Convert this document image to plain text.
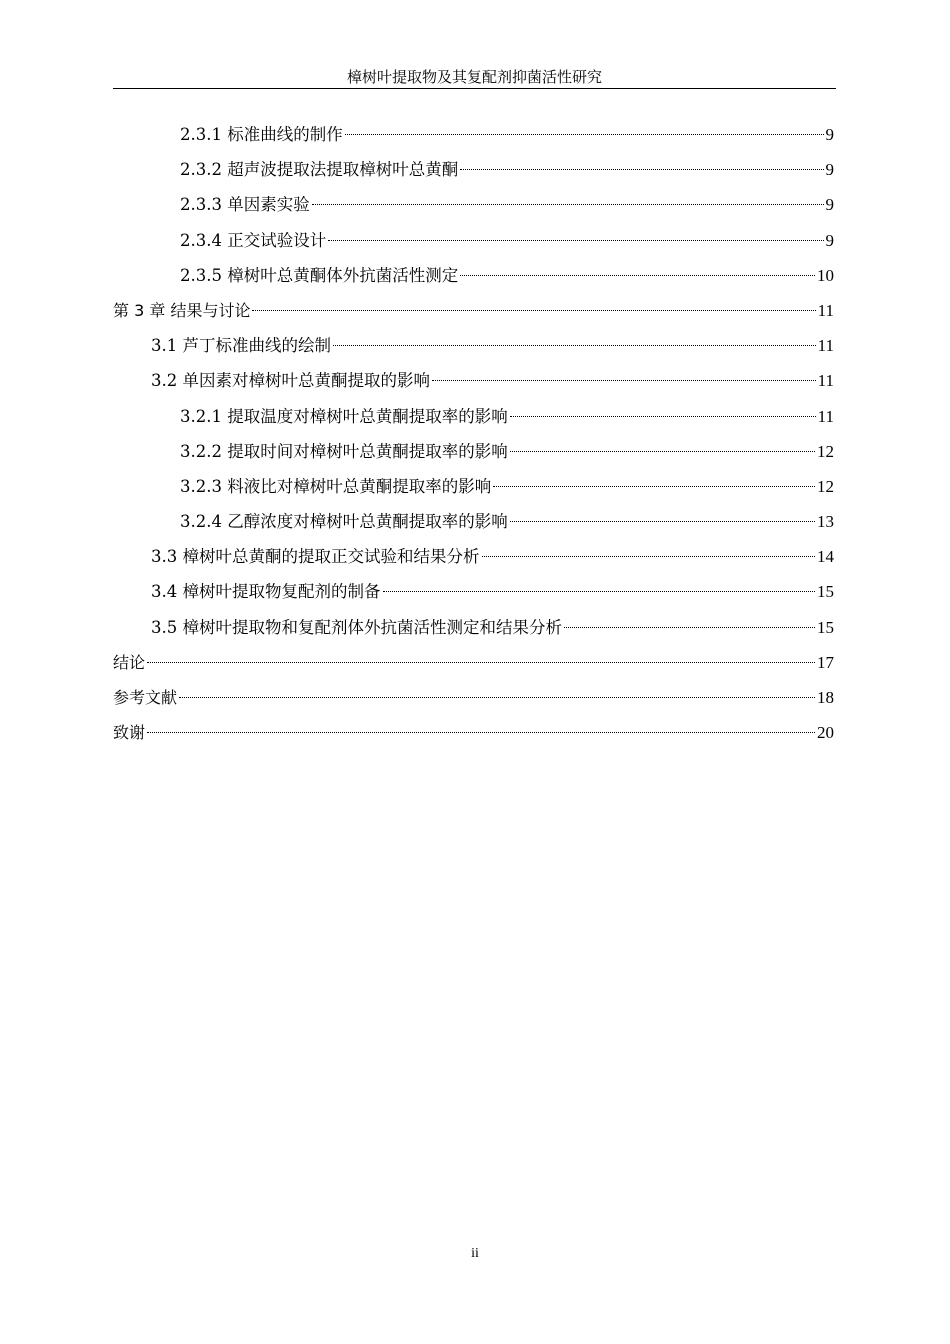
樟树叶提取物及其复配剂抑菌活性研究
2.3.1 标准曲线的制作	9
2.3.2 超声波提取法提取樟树叶总黄酮	9
2.3.3 单因素实验	9
2.3.4 正交试验设计	9
2.3.5 樟树叶总黄酮体外抗菌活性测定	10
第 3 章 结果与讨论	11
3.1 芦丁标准曲线的绘制	11
3.2 单因素对樟树叶总黄酮提取的影响	11
3.2.1 提取温度对樟树叶总黄酮提取率的影响	11
3.2.2 提取时间对樟树叶总黄酮提取率的影响	12
3.2.3 料液比对樟树叶总黄酮提取率的影响	12
3.2.4 乙醇浓度对樟树叶总黄酮提取率的影响	13
3.3 樟树叶总黄酮的提取正交试验和结果分析	14
3.4 樟树叶提取物复配剂的制备	15
3.5 樟树叶提取物和复配剂体外抗菌活性测定和结果分析	15
结论	17
参考文献	18
致谢	20
ii
